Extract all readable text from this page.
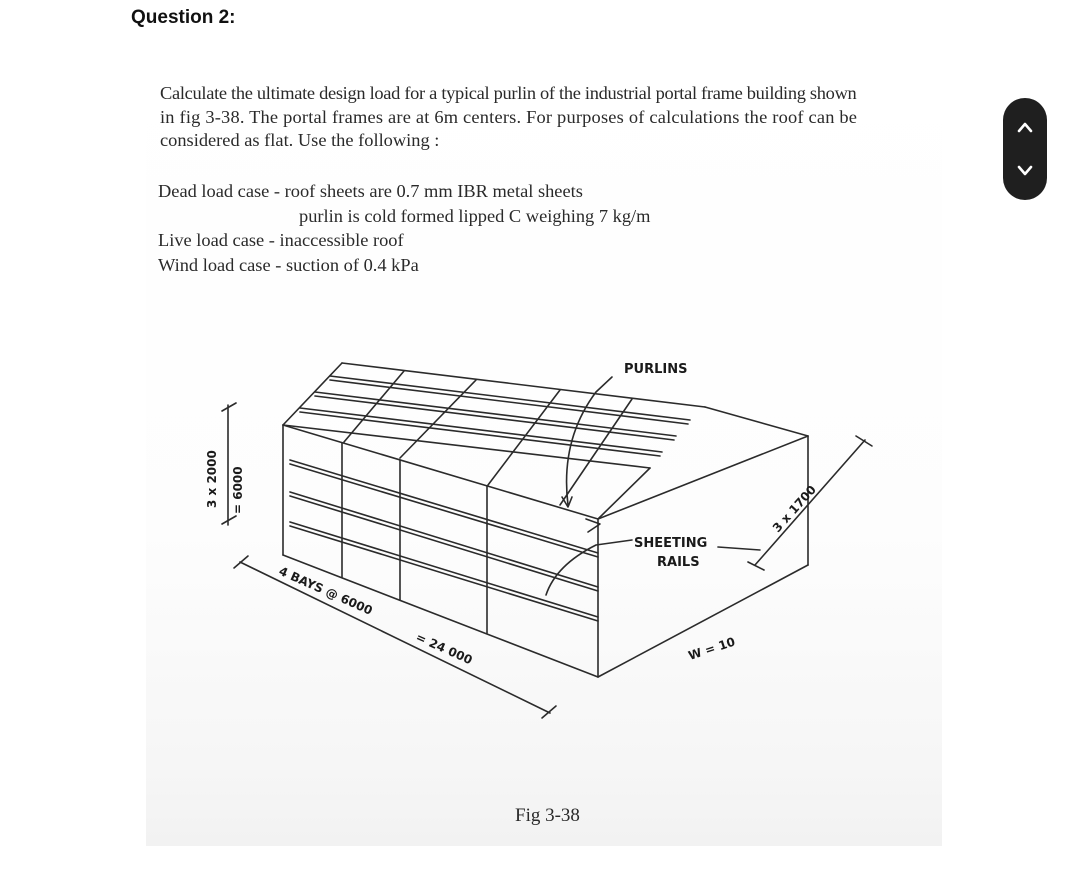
Question 2:
Calculate the ultimate design load for a typical purlin of the industrial portal frame building shown
in fig 3-38. The portal frames are at 6m centers. For purposes of calculations the roof can be
considered as flat. Use the following :
Dead load case - roof sheets are 0.7 mm IBR metal sheets
purlin is cold formed lipped C weighing 7 kg/m
Live load case - inaccessible roof
Wind load case - suction of 0.4 kPa
PURLINS
SHEETING
RAILS
4 BAYS @ 6000
= 24 000
3 x 2000 = 6000	3 x 1700
W = 10
Fig 3-38
